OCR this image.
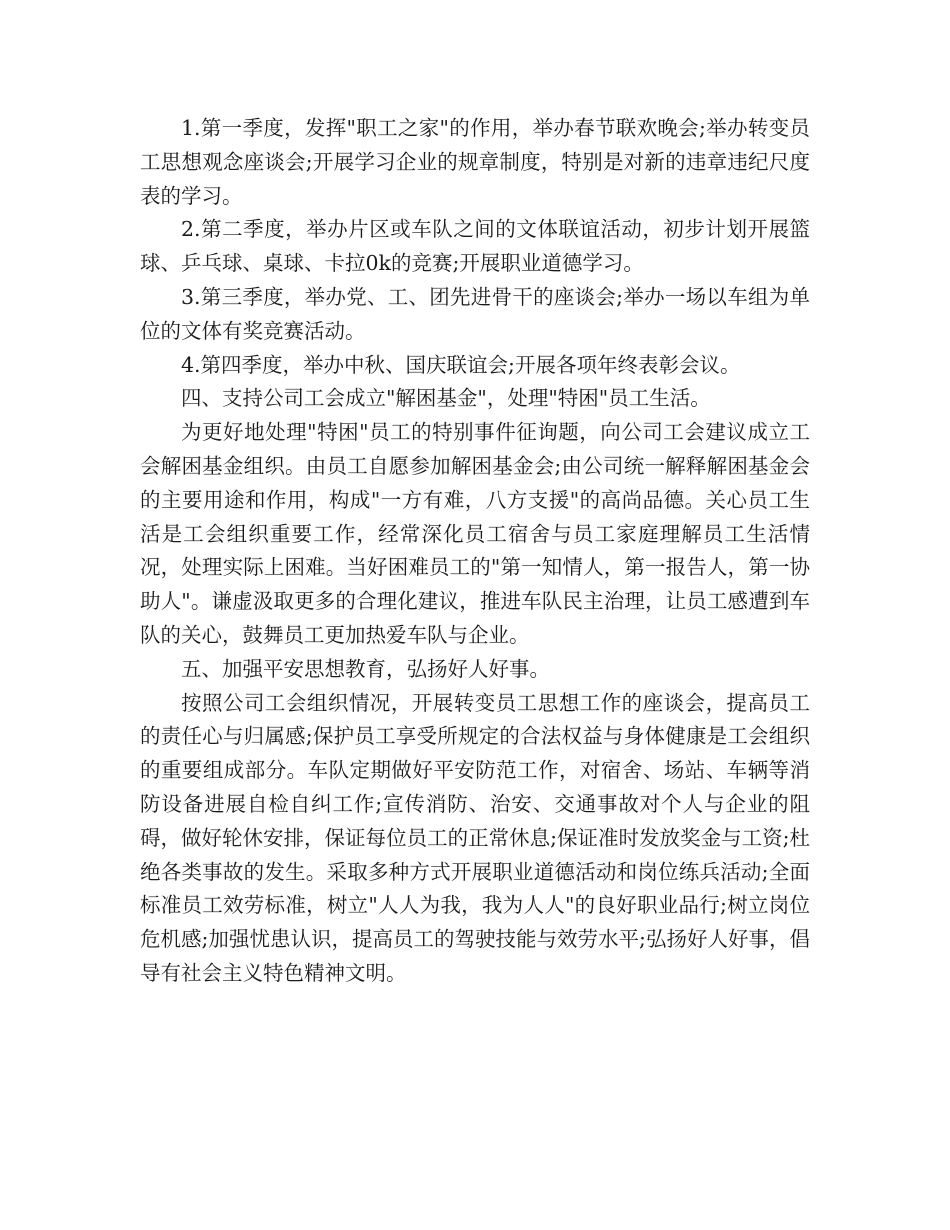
1.第一季度，发挥"职工之家"的作用，举办春节联欢晚会;举办转变员工思想观念座谈会;开展学习企业的规章制度，特别是对新的违章违纪尺度表的学习。

2.第二季度，举办片区或车队之间的文体联谊活动，初步计划开展篮球、乒乓球、桌球、卡拉0k的竞赛;开展职业道德学习。

3.第三季度，举办党、工、团先进骨干的座谈会;举办一场以车组为单位的文体有奖竞赛活动。

4.第四季度，举办中秋、国庆联谊会;开展各项年终表彰会议。

四、支持公司工会成立"解困基金"，处理"特困"员工生活。

为更好地处理"特困"员工的特别事件征询题，向公司工会建议成立工会解困基金组织。由员工自愿参加解困基金会;由公司统一解释解困基金会的主要用途和作用，构成"一方有难，八方支援"的高尚品德。关心员工生活是工会组织重要工作，经常深化员工宿舍与员工家庭理解员工生活情况，处理实际上困难。当好困难员工的"第一知情人，第一报告人，第一协助人"。谦虚汲取更多的合理化建议，推进车队民主治理，让员工感遭到车队的关心，鼓舞员工更加热爱车队与企业。

五、加强平安思想教育，弘扬好人好事。

按照公司工会组织情况，开展转变员工思想工作的座谈会，提高员工的责任心与归属感;保护员工享受所规定的合法权益与身体健康是工会组织的重要组成部分。车队定期做好平安防范工作，对宿舍、场站、车辆等消防设备进展自检自纠工作;宣传消防、治安、交通事故对个人与企业的阻碍，做好轮休安排，保证每位员工的正常休息;保证准时发放奖金与工资;杜绝各类事故的发生。采取多种方式开展职业道德活动和岗位练兵活动;全面标准员工效劳标准，树立"人人为我，我为人人"的良好职业品行;树立岗位危机感;加强忧患认识，提高员工的驾驶技能与效劳水平;弘扬好人好事，倡导有社会主义特色精神文明。
